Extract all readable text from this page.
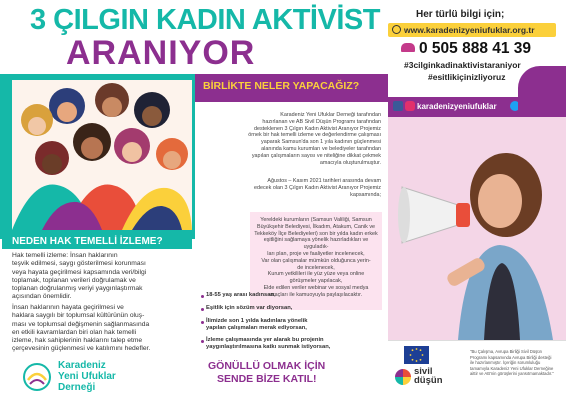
3 ÇILGIN KADIN AKTİVİST
ARANIYOR
Her türlü bilgi için;
www.karadenizyeniufuklar.org.tr
0 505 888 41 39
#3cilginkadinaktivistaraniyor
#esitlikiçinizliyoruz
BİRLİKTE NELER YAPACAĞIZ?
karadenizyeniufuklar
Karadeniz Yeni Ufuklar Derneği tarafından
hazırlanan ve AB Sivil Düşün Programı tarafından
desteklenen 3 Çılgın Kadın Aktivist Aranıyor Projemiz
örnek bir hak temelli izleme ve değerlendirme çalışması
yaparak Samsun'da son 1 yıla kadının güçlenmesi
alanında kamu kurumları ve belediyeler tarafından
yapılan çalışmaların sayısı ve niteliğine dikkat çekmek
amacıyla oluşturulmuştur.
Ağustos – Kasım 2021 tarihleri arasında devam
edecek olan 3 Çılgın Kadın Aktivist Aranıyor Projemiz
kapsamında;
Yereldeki kurumların (Samsun Valiliği, Samsun
Büyükşehir Belediyesi, İlkadım, Atakum, Canik ve
Tekkeköy İlçe Belediyeleri) son bir yılda kadın erkek
eşitliğini sağlamaya yönelik hazırladıkları ve uyguladık-
ları plan, proje ve faaliyetler incelenecek,
Var olan çalışmalar mümkün olduğunca yerin-
de incelenecek,
Kurum yetkilileri ile yüz yüze veya online
görüşmeler yapılacak,
Elde edilen veriler webinar ve sosyal medya
araçları ile kamuoyuyla paylaşılacaktır.
18-55 yaş arası kadınsan,
Eşitlik için sözüm var diyorsan,
İlimizde son 1 yılda kadınlara yönelik
yapılan çalışmaları merak ediyorsan,
İzleme çalışmasında yer alarak bu projenin
yaygınlaştırılmasına katkı sunmak istiyorsan,
GÖNÜLLÜ OLMAK İÇİN
SENDE BİZE KATIL!
NEDEN HAK TEMELLİ İZLEME?
Hak temelli izleme: İnsan haklarının
teşvik edilmesi, saygı gösterilmesi korunması
veya hayata geçirilmesi kapsamında veri/bilgi
toplamak, toplanan verileri doğrulamak ve
toplanan doğrulanmış veriyi yaygınlaştırmak
açısından önemlidir.
İnsan haklarının hayata geçirilmesi ve
haklara saygılı bir toplumsal kültürünün oluş-
ması ve toplumsal değişmenin sağlanmasında
en etkili kavramlardan biri olan hak temelli
izleme, hak sahiplerinin haklarını talep etme
çerçevesinin güçlenmesi ve katılımını hedefler.
sivil
düşün
"Bu Çalışma, Avrupa Birliği Sivil Düşün
Programı kapsamında Avrupa Birliği desteği
ile hazırlanmıştır. İçeriğin sorumluluğu
tamamıyla Karadeniz Yeni Ufuklar Derneğine
aittir ve AB'nin görüşlerini yansıtmamaktadır."
Karadeniz
Yeni Ufuklar
Derneği
